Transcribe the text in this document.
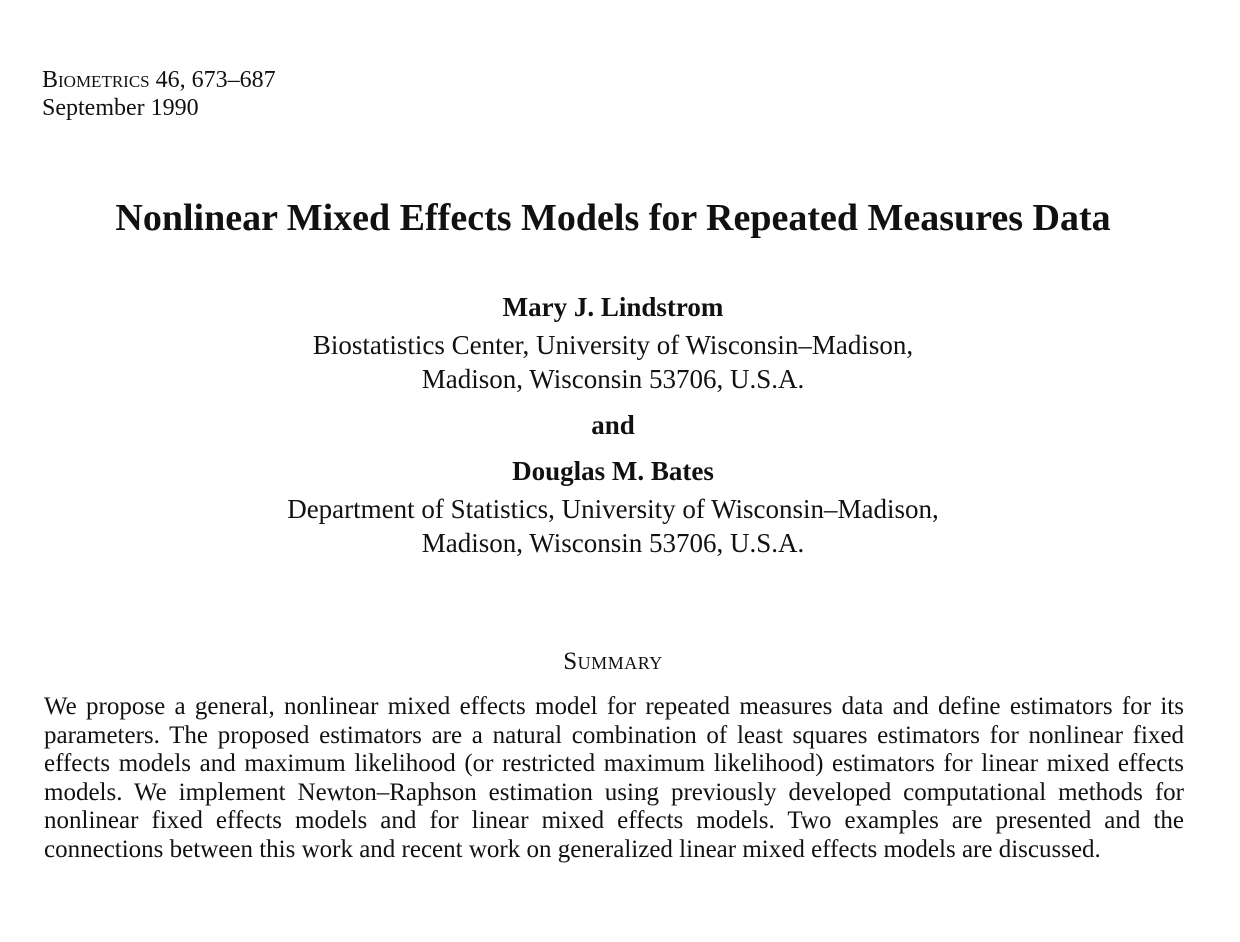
Biometrics 46, 673–687
September 1990
Nonlinear Mixed Effects Models for Repeated Measures Data
Mary J. Lindstrom
Biostatistics Center, University of Wisconsin–Madison,
Madison, Wisconsin 53706, U.S.A.
and
Douglas M. Bates
Department of Statistics, University of Wisconsin–Madison,
Madison, Wisconsin 53706, U.S.A.
Summary

We propose a general, nonlinear mixed effects model for repeated measures data and define estimators for its parameters. The proposed estimators are a natural combination of least squares estimators for nonlinear fixed effects models and maximum likelihood (or restricted maximum likelihood) estimators for linear mixed effects models. We implement Newton–Raphson estimation using previously developed computational methods for nonlinear fixed effects models and for linear mixed effects models. Two examples are presented and the connections between this work and recent work on generalized linear mixed effects models are discussed.
